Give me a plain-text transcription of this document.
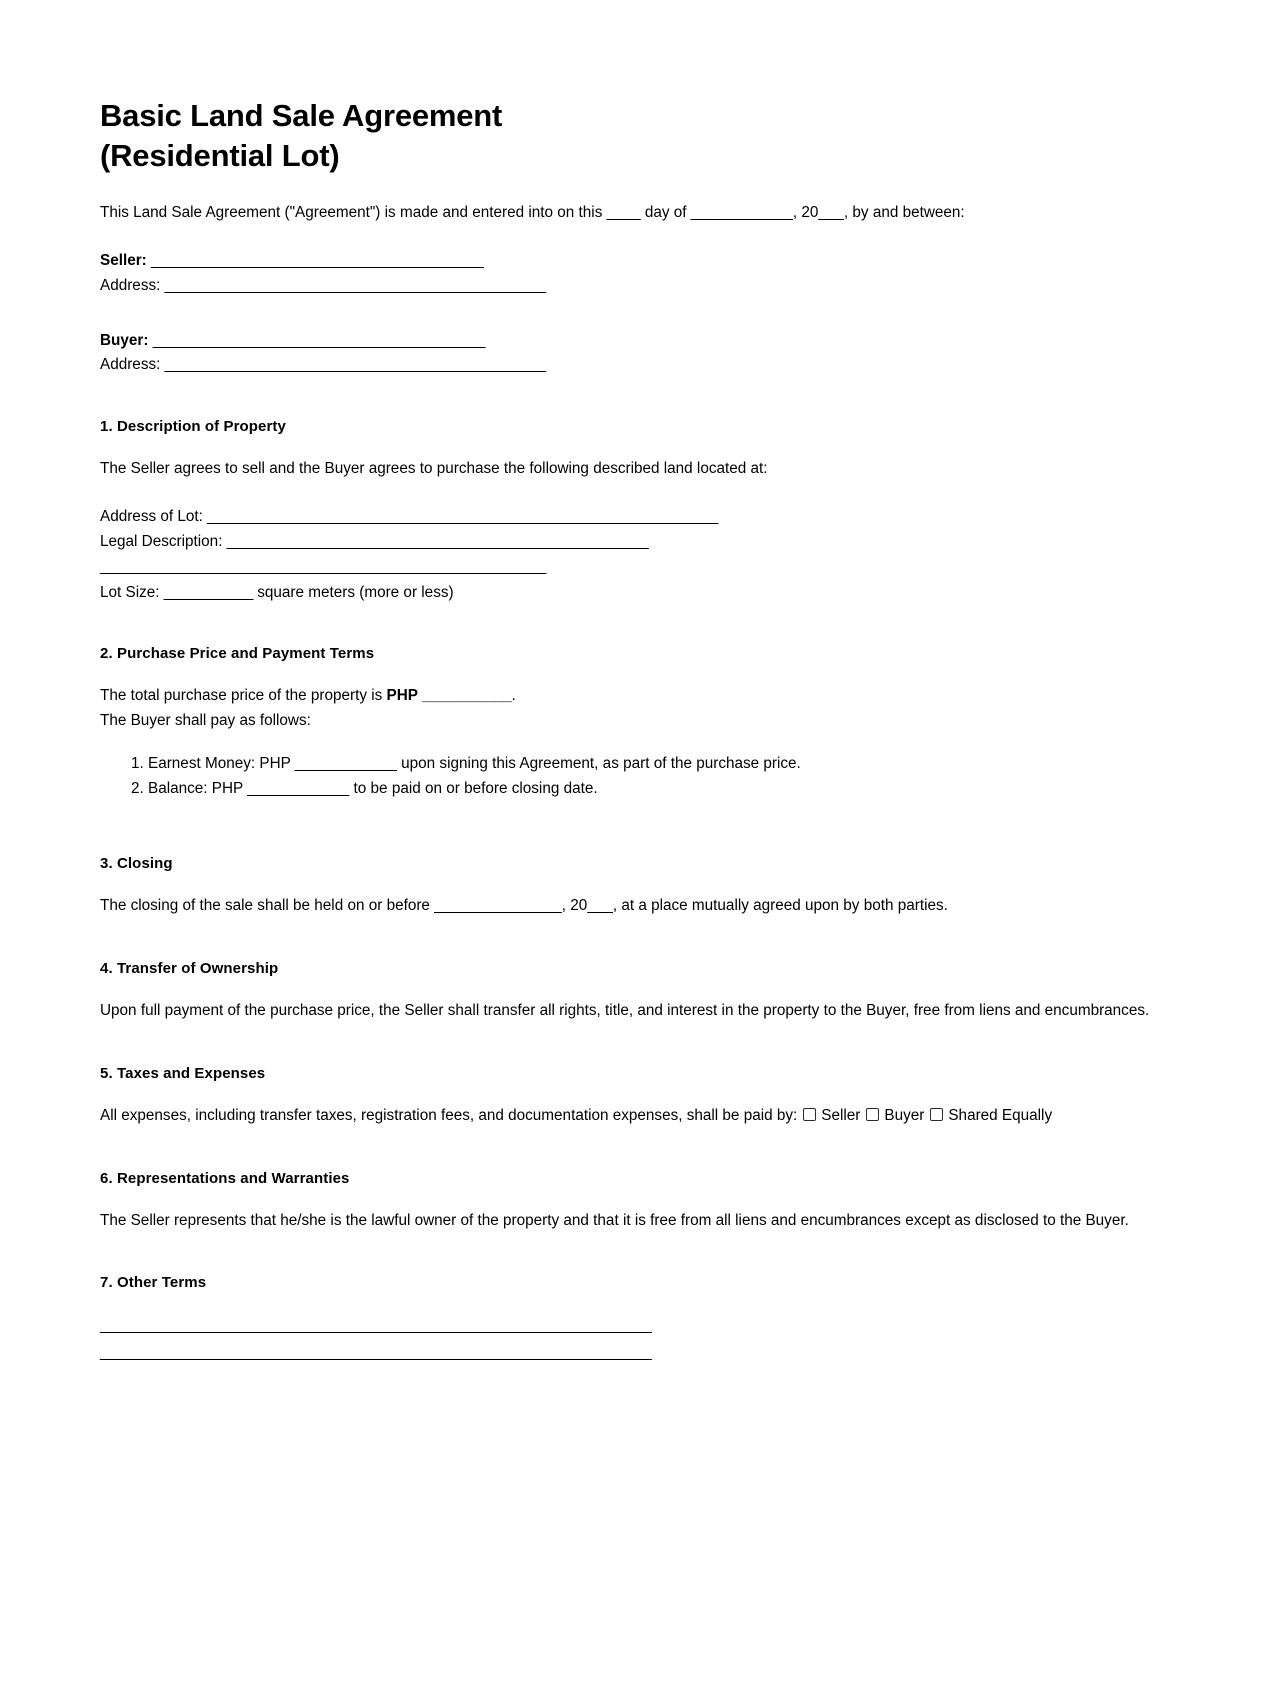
Basic Land Sale Agreement
(Residential Lot)

This Land Sale Agreement ("Agreement") is made and entered into on this ____ day of ____________, 20___, by and between:

Seller: _________________________________________

Address: _______________________________________________

Buyer: _________________________________________

Address: _______________________________________________

1. Description of Property

The Seller agrees to sell and the Buyer agrees to purchase the following described land located at:

Address of Lot: _______________________________________________________________

Legal Description: ____________________________________________________

_______________________________________________________

Lot Size: ___________ square meters (more or less)

2. Purchase Price and Payment Terms

The total purchase price of the property is PHP ___________.

The Buyer shall pay as follows:

1. Earnest Money: PHP ____________ upon signing this Agreement, as part of the purchase price.
2. Balance: PHP ____________ to be paid on or before closing date.
3. Closing

The closing of the sale shall be held on or before _______________, 20___, at a place mutually agreed upon by both parties.

4. Transfer of Ownership

Upon full payment of the purchase price, the Seller shall transfer all rights, title, and interest in the property to the Buyer, free from liens and encumbrances.

5. Taxes and Expenses

All expenses, including transfer taxes, registration fees, and documentation expenses, shall be paid by: Seller Buyer Shared Equally

6. Representations and Warranties

The Seller represents that he/she is the lawful owner of the property and that it is free from all liens and encumbrances except as disclosed to the Buyer.

7. Other Terms

____________________________________________________________________

____________________________________________________________________
